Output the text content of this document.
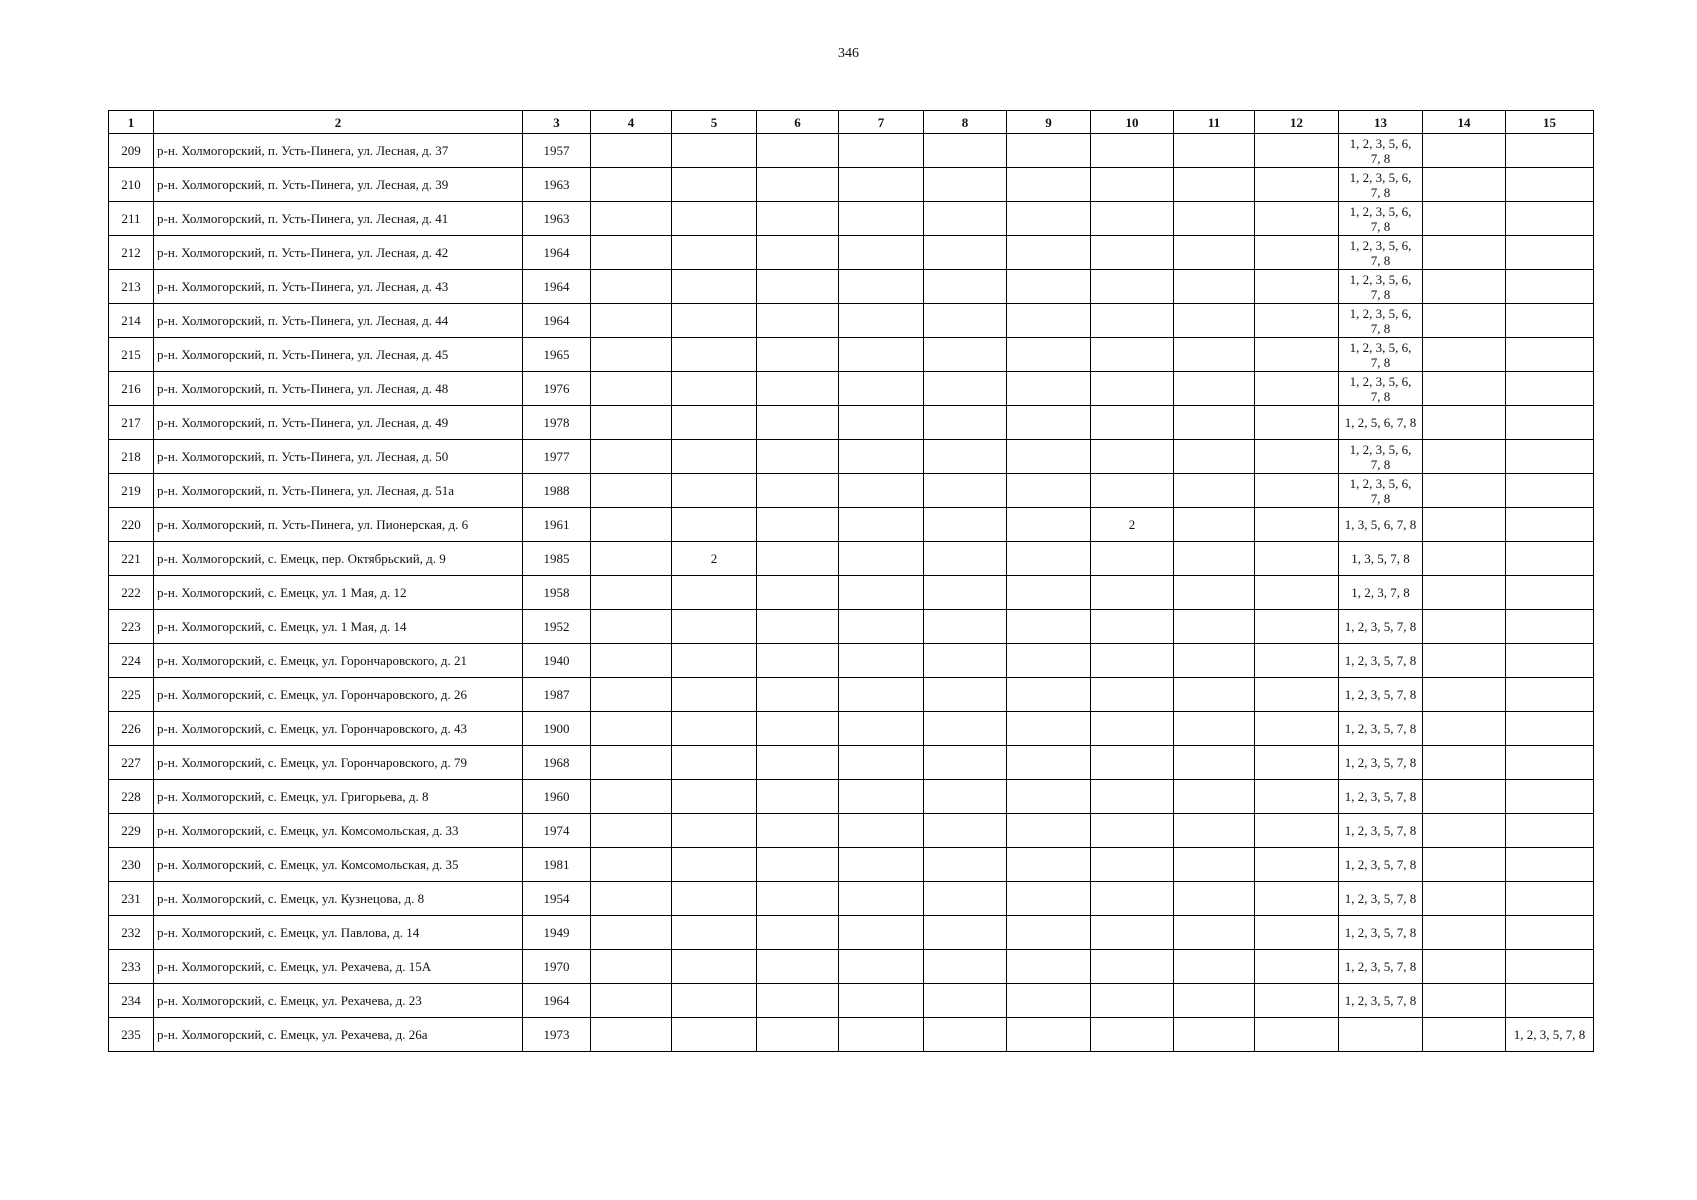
346
1	2	3	4	5	6	7	8	9	10	11	12	13	14	15
209	р-н. Холмогорский, п. Усть-Пинега, ул. Лесная, д. 37	1957										1, 2, 3, 5, 6, 7, 8		
210	р-н. Холмогорский, п. Усть-Пинега, ул. Лесная, д. 39	1963										1, 2, 3, 5, 6, 7, 8		
211	р-н. Холмогорский, п. Усть-Пинега, ул. Лесная, д. 41	1963										1, 2, 3, 5, 6, 7, 8		
212	р-н. Холмогорский, п. Усть-Пинега, ул. Лесная, д. 42	1964										1, 2, 3, 5, 6, 7, 8		
213	р-н. Холмогорский, п. Усть-Пинега, ул. Лесная, д. 43	1964										1, 2, 3, 5, 6, 7, 8		
214	р-н. Холмогорский, п. Усть-Пинега, ул. Лесная, д. 44	1964										1, 2, 3, 5, 6, 7, 8		
215	р-н. Холмогорский, п. Усть-Пинега, ул. Лесная, д. 45	1965										1, 2, 3, 5, 6, 7, 8		
216	р-н. Холмогорский, п. Усть-Пинега, ул. Лесная, д. 48	1976										1, 2, 3, 5, 6, 7, 8		
217	р-н. Холмогорский, п. Усть-Пинега, ул. Лесная, д. 49	1978										1, 2, 5, 6, 7, 8		
218	р-н. Холмогорский, п. Усть-Пинега, ул. Лесная, д. 50	1977										1, 2, 3, 5, 6, 7, 8		
219	р-н. Холмогорский, п. Усть-Пинега, ул. Лесная, д. 51а	1988										1, 2, 3, 5, 6, 7, 8		
220	р-н. Холмогорский, п. Усть-Пинега, ул. Пионерская, д. 6	1961							2			1, 3, 5, 6, 7, 8		
221	р-н. Холмогорский, с. Емецк, пер. Октябрьский, д. 9	1985		2								1, 3, 5, 7, 8		
222	р-н. Холмогорский, с. Емецк, ул. 1 Мая, д. 12	1958										1, 2, 3, 7, 8		
223	р-н. Холмогорский, с. Емецк, ул. 1 Мая, д. 14	1952										1, 2, 3, 5, 7, 8		
224	р-н. Холмогорский, с. Емецк, ул. Горончаровского, д. 21	1940										1, 2, 3, 5, 7, 8		
225	р-н. Холмогорский, с. Емецк, ул. Горончаровского, д. 26	1987										1, 2, 3, 5, 7, 8		
226	р-н. Холмогорский, с. Емецк, ул. Горончаровского, д. 43	1900										1, 2, 3, 5, 7, 8		
227	р-н. Холмогорский, с. Емецк, ул. Горончаровского, д. 79	1968										1, 2, 3, 5, 7, 8		
228	р-н. Холмогорский, с. Емецк, ул. Григорьева, д. 8	1960										1, 2, 3, 5, 7, 8		
229	р-н. Холмогорский, с. Емецк, ул. Комсомольская, д. 33	1974										1, 2, 3, 5, 7, 8		
230	р-н. Холмогорский, с. Емецк, ул. Комсомольская, д. 35	1981										1, 2, 3, 5, 7, 8		
231	р-н. Холмогорский, с. Емецк, ул. Кузнецова, д. 8	1954										1, 2, 3, 5, 7, 8		
232	р-н. Холмогорский, с. Емецк, ул. Павлова, д. 14	1949										1, 2, 3, 5, 7, 8		
233	р-н. Холмогорский, с. Емецк, ул. Рехачева, д. 15А	1970										1, 2, 3, 5, 7, 8		
234	р-н. Холмогорский, с. Емецк, ул. Рехачева, д. 23	1964										1, 2, 3, 5, 7, 8		
235	р-н. Холмогорский, с. Емецк, ул. Рехачева, д. 26а	1973												1, 2, 3, 5, 7, 8
